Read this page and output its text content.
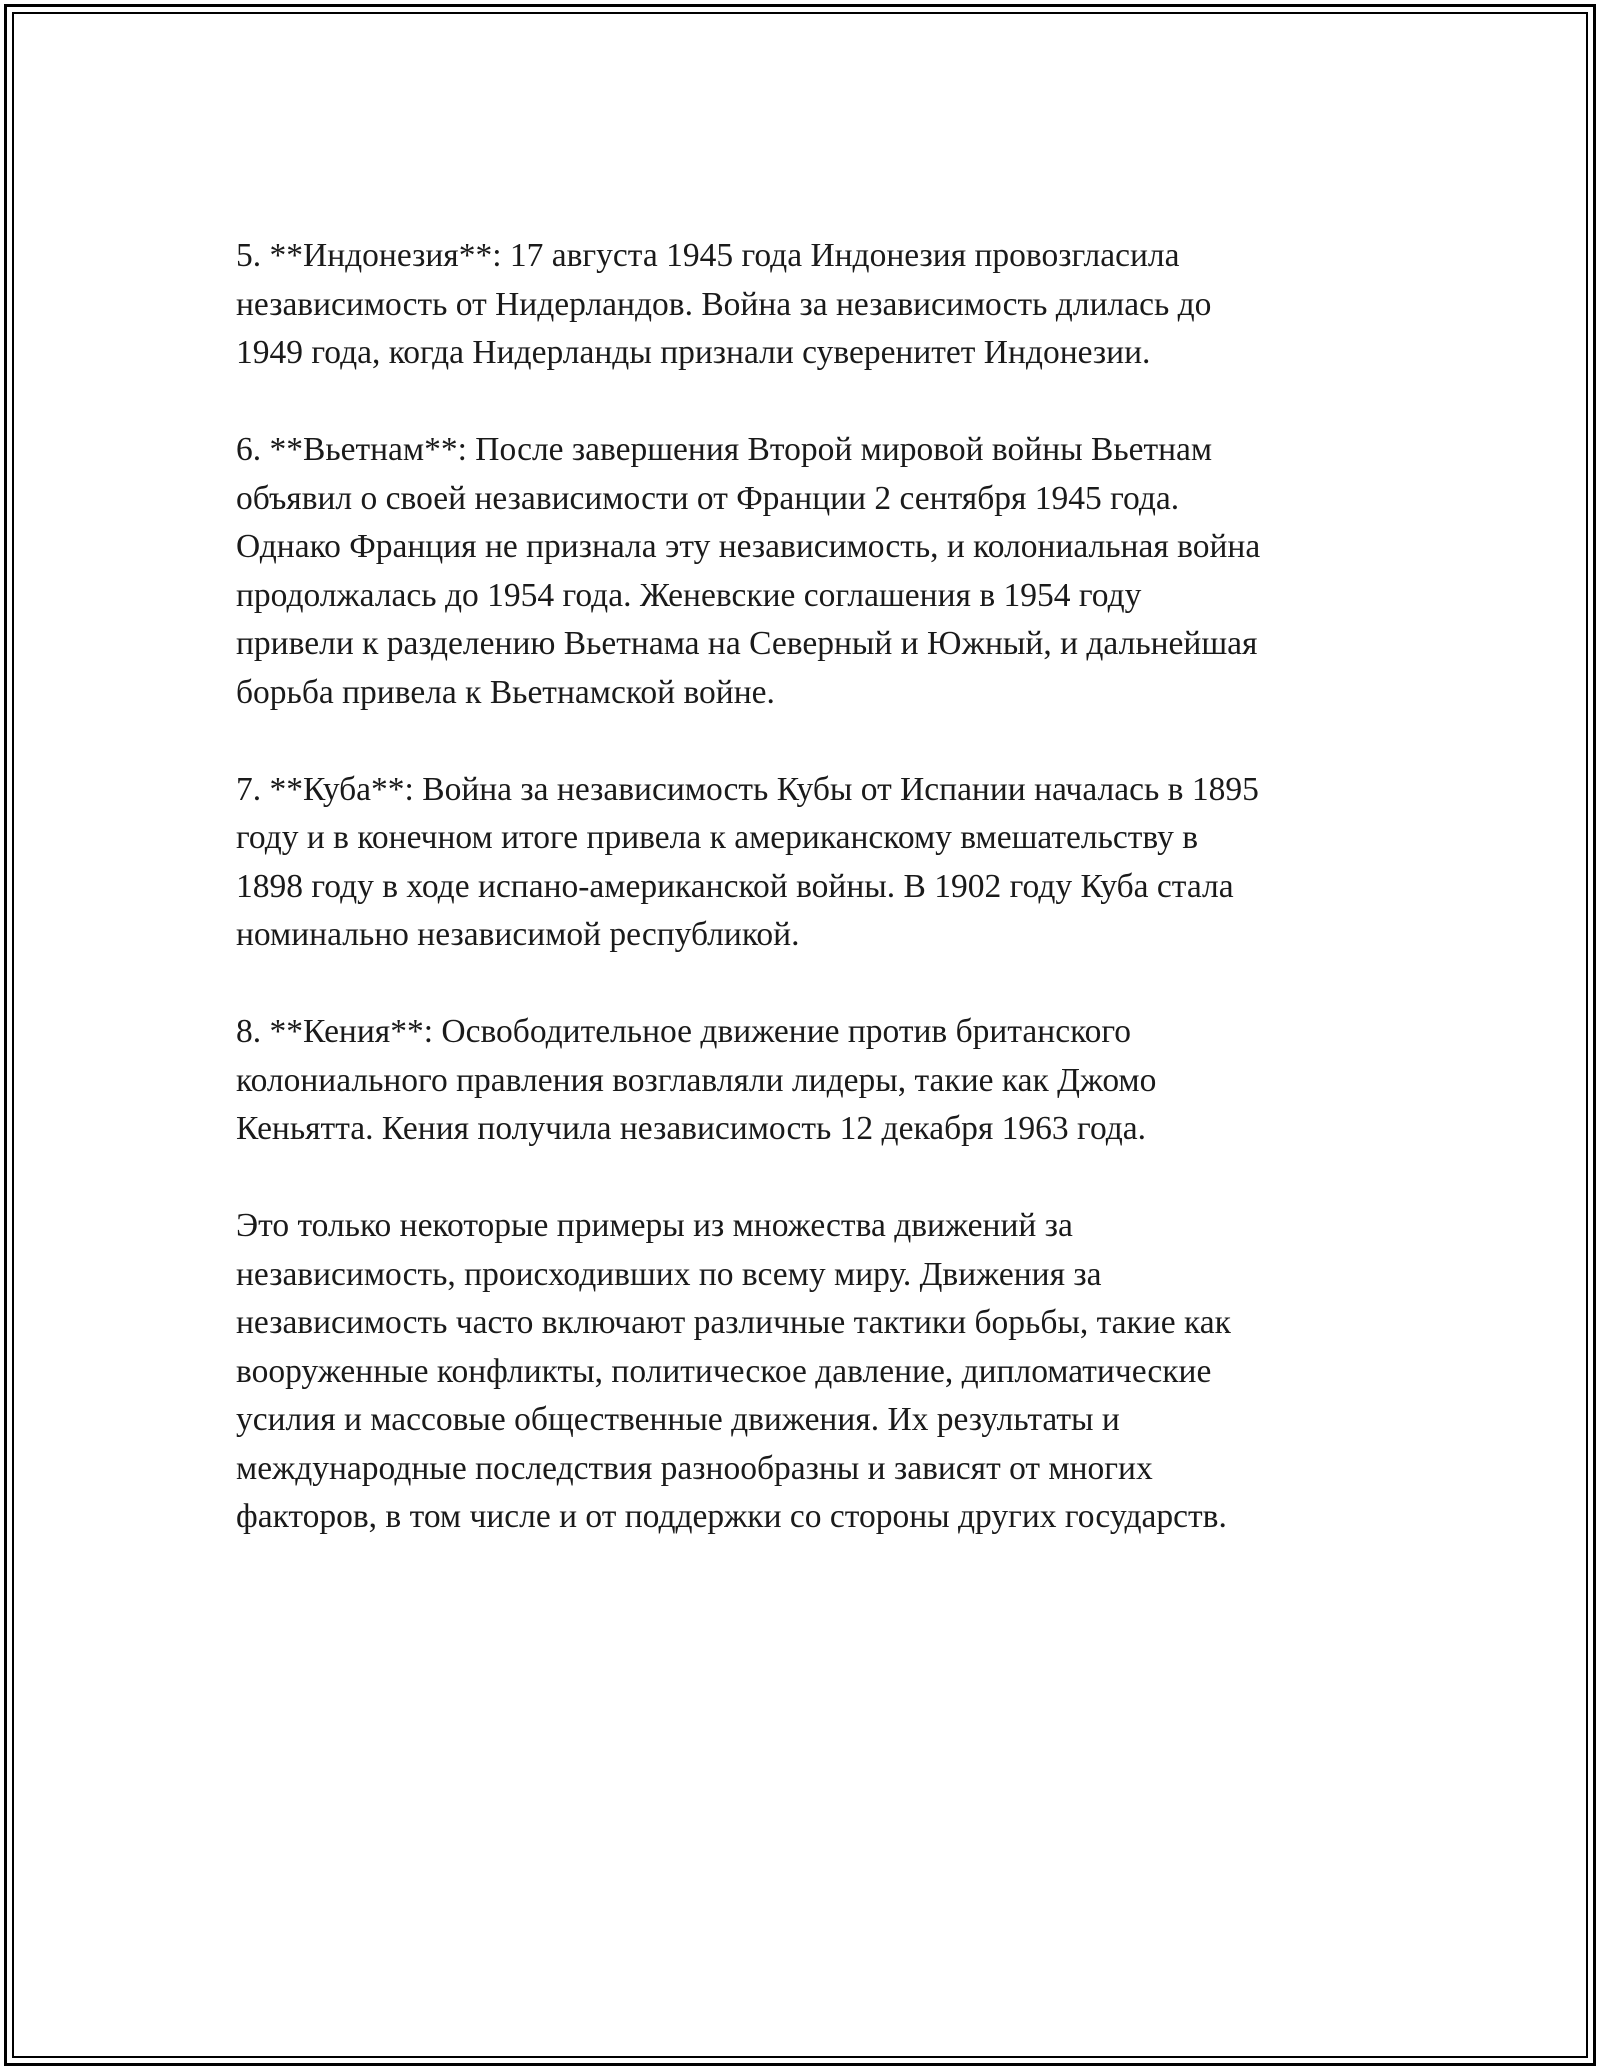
5. **Индонезия**: 17 августа 1945 года Индонезия провозгласила
независимость от Нидерландов. Война за независимость длилась до
1949 года, когда Нидерланды признали суверенитет Индонезии.

6. **Вьетнам**: После завершения Второй мировой войны Вьетнам
объявил о своей независимости от Франции 2 сентября 1945 года.
Однако Франция не признала эту независимость, и колониальная война
продолжалась до 1954 года. Женевские соглашения в 1954 году
привели к разделению Вьетнама на Северный и Южный, и дальнейшая
борьба привела к Вьетнамской войне.

7. **Куба**: Война за независимость Кубы от Испании началась в 1895
году и в конечном итоге привела к американскому вмешательству в
1898 году в ходе испано-американской войны. В 1902 году Куба стала
номинально независимой республикой.

8. **Кения**: Освободительное движение против британского
колониального правления возглавляли лидеры, такие как Джомо
Кеньятта. Кения получила независимость 12 декабря 1963 года.

Это только некоторые примеры из множества движений за
независимость, происходивших по всему миру. Движения за
независимость часто включают различные тактики борьбы, такие как
вооруженные конфликты, политическое давление, дипломатические
усилия и массовые общественные движения. Их результаты и
международные последствия разнообразны и зависят от многих
факторов, в том числе и от поддержки со стороны других государств.
